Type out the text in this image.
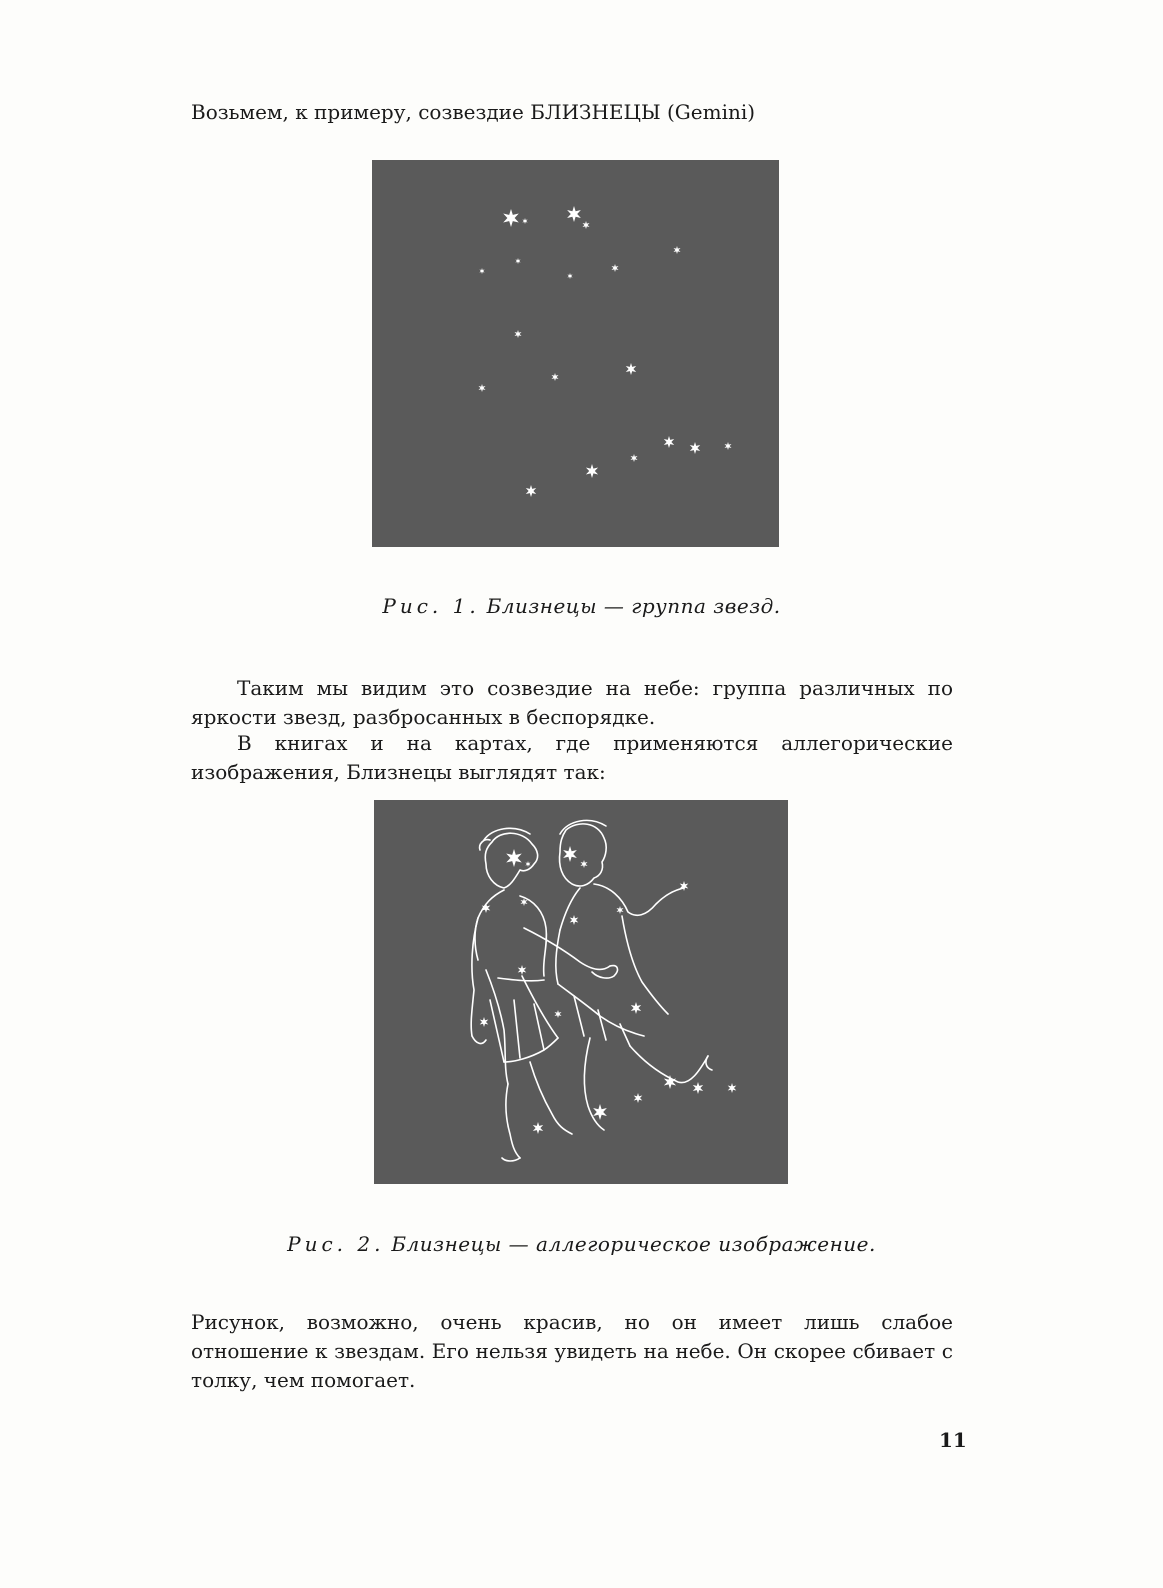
Возьмем, к примеру, созвездие БЛИЗНЕЦЫ (Gemini)
Рис. 1. Близнецы — группа звезд.
Таким мы видим это созвездие на небе: группа различных по яркости звезд, разбросанных в беспорядке.
В книгах и на картах, где применяются аллегорические изображения, Близнецы выглядят так:
Рис. 2. Близнецы — аллегорическое изображение.
Рисунок, возможно, очень красив, но он имеет лишь слабое отношение к звездам. Его нельзя увидеть на небе. Он скорее сбивает с толку, чем помогает.
11
